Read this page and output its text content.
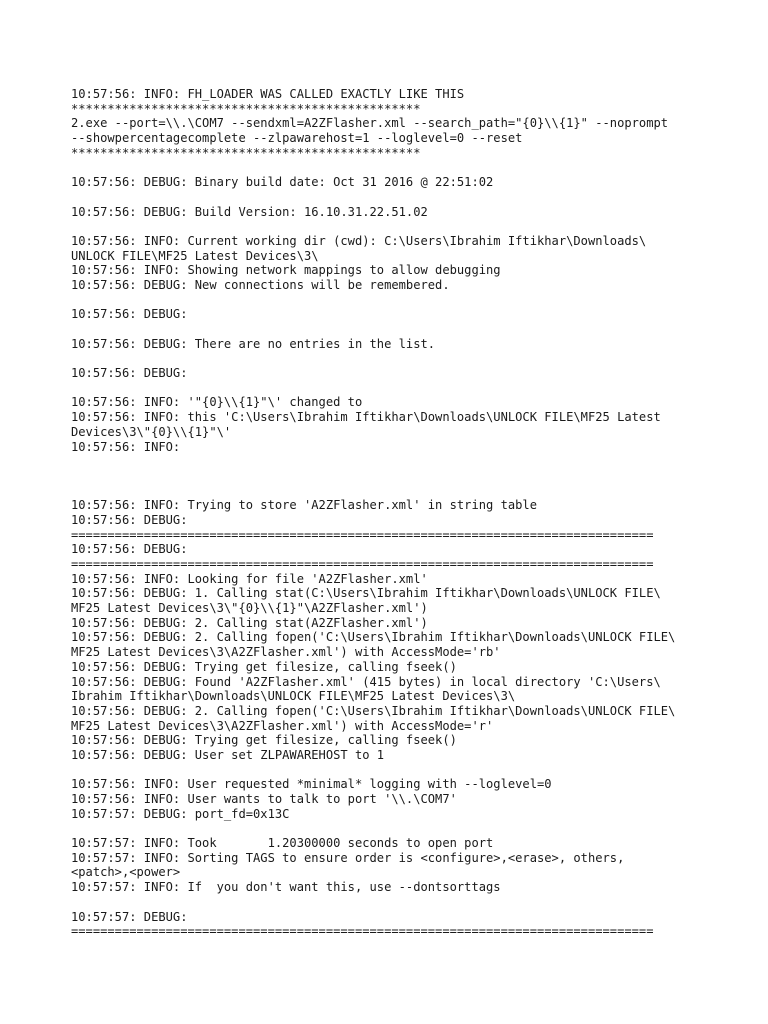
10:57:56: INFO: FH_LOADER WAS CALLED EXACTLY LIKE THIS
************************************************
2.exe --port=\\.\COM7 --sendxml=A2ZFlasher.xml --search_path="{0}\\{1}" --noprompt
--showpercentagecomplete --zlpawarehost=1 --loglevel=0 --reset
************************************************
10:57:56: DEBUG: Binary build date: Oct 31 2016 @ 22:51:02
10:57:56: DEBUG: Build Version: 16.10.31.22.51.02
10:57:56: INFO: Current working dir (cwd): C:\Users\Ibrahim Iftikhar\Downloads\
UNLOCK FILE\MF25 Latest Devices\3\
10:57:56: INFO: Showing network mappings to allow debugging
10:57:56: DEBUG: New connections will be remembered.
10:57:56: DEBUG:
10:57:56: DEBUG: There are no entries in the list.
10:57:56: DEBUG:
10:57:56: INFO: '"{0}\\{1}"\' changed to
10:57:56: INFO: this 'C:\Users\Ibrahim Iftikhar\Downloads\UNLOCK FILE\MF25 Latest
Devices\3\"{0}\\{1}"\'
10:57:56: INFO:
10:57:56: INFO: Trying to store 'A2ZFlasher.xml' in string table
10:57:56: DEBUG:
================================================================================
10:57:56: DEBUG:
================================================================================
10:57:56: INFO: Looking for file 'A2ZFlasher.xml'
10:57:56: DEBUG: 1. Calling stat(C:\Users\Ibrahim Iftikhar\Downloads\UNLOCK FILE\
MF25 Latest Devices\3\"{0}\\{1}"\A2ZFlasher.xml')
10:57:56: DEBUG: 2. Calling stat(A2ZFlasher.xml')
10:57:56: DEBUG: 2. Calling fopen('C:\Users\Ibrahim Iftikhar\Downloads\UNLOCK FILE\
MF25 Latest Devices\3\A2ZFlasher.xml') with AccessMode='rb'
10:57:56: DEBUG: Trying get filesize, calling fseek()
10:57:56: DEBUG: Found 'A2ZFlasher.xml' (415 bytes) in local directory 'C:\Users\
Ibrahim Iftikhar\Downloads\UNLOCK FILE\MF25 Latest Devices\3\
10:57:56: DEBUG: 2. Calling fopen('C:\Users\Ibrahim Iftikhar\Downloads\UNLOCK FILE\
MF25 Latest Devices\3\A2ZFlasher.xml') with AccessMode='r'
10:57:56: DEBUG: Trying get filesize, calling fseek()
10:57:56: DEBUG: User set ZLPAWAREHOST to 1
10:57:56: INFO: User requested *minimal* logging with --loglevel=0
10:57:56: INFO: User wants to talk to port '\\.\COM7'
10:57:57: DEBUG: port_fd=0x13C
10:57:57: INFO: Took       1.20300000 seconds to open port
10:57:57: INFO: Sorting TAGS to ensure order is <configure>,<erase>, others,
<patch>,<power>
10:57:57: INFO: If  you don't want this, use --dontsorttags
10:57:57: DEBUG:
================================================================================
